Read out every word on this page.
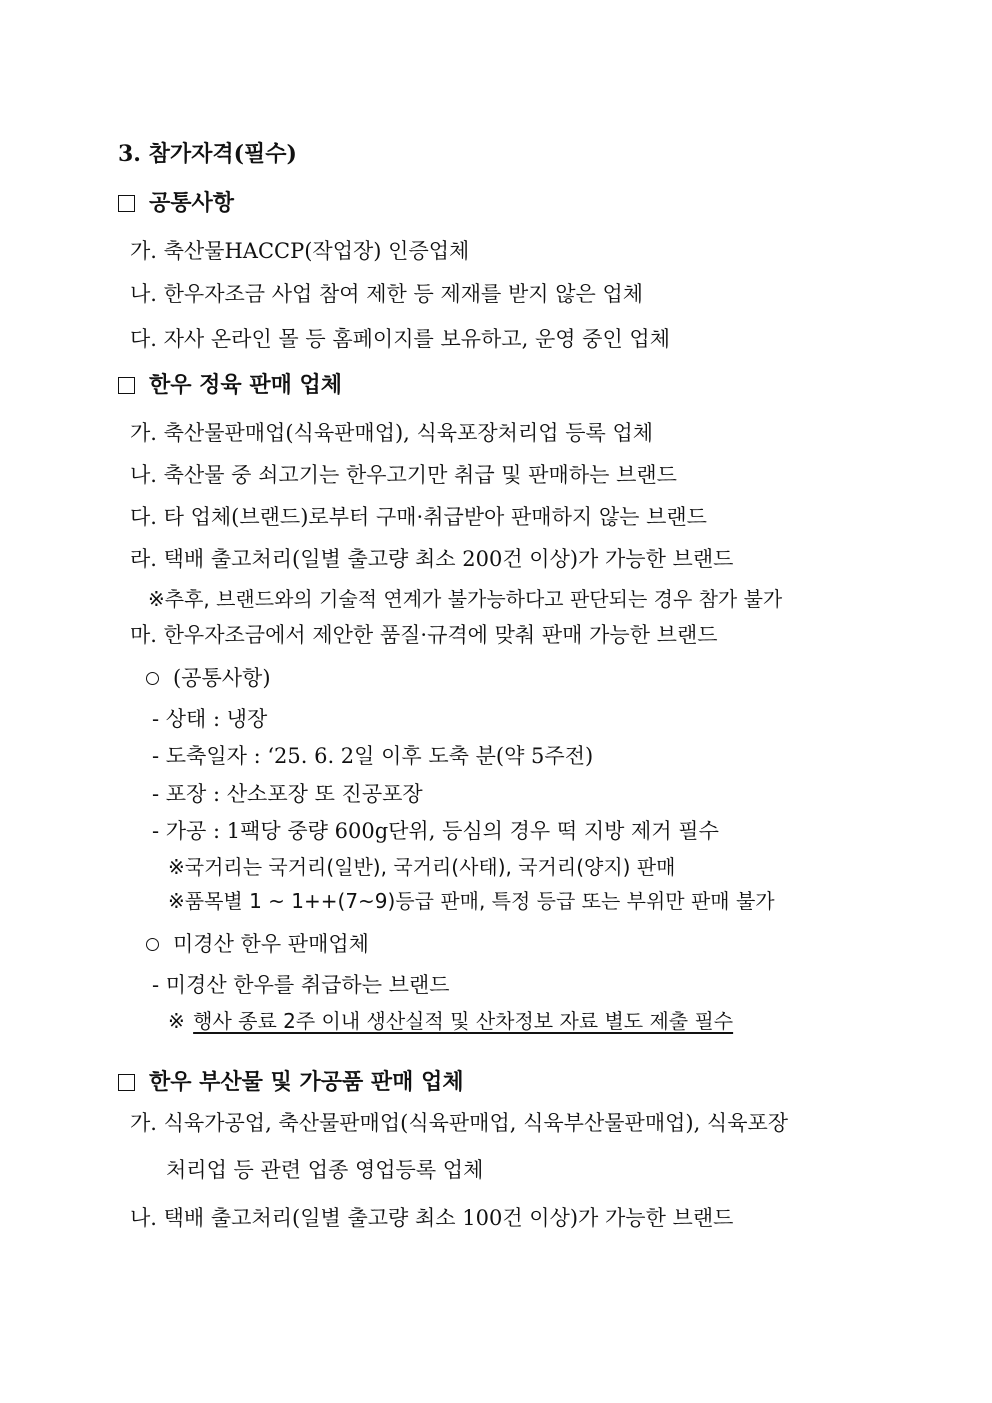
3. 참가자격(필수)
공통사항
가. 축산물HACCP(작업장) 인증업체
나. 한우자조금 사업 참여 제한 등 제재를 받지 않은 업체
다. 자사 온라인 몰 등 홈페이지를 보유하고, 운영 중인 업체
한우 정육 판매 업체
가. 축산물판매업(식육판매업), 식육포장처리업 등록 업체
나. 축산물 중 쇠고기는 한우고기만 취급 및 판매하는 브랜드
다. 타 업체(브랜드)로부터 구매·취급받아 판매하지 않는 브랜드
라. 택배 출고처리(일별 출고량 최소 200건 이상)가 가능한 브랜드
※추후, 브랜드와의 기술적 연계가 불가능하다고 판단되는 경우 참가 불가
마. 한우자조금에서 제안한 품질·규격에 맞춰 판매 가능한 브랜드
(공통사항)
- 상태 : 냉장
- 도축일자 : ‘25. 6. 2일 이후 도축 분(약 5주전)
- 포장 : 산소포장 또 진공포장
- 가공 : 1팩당 중량 600g단위, 등심의 경우 떡 지방 제거 필수
※국거리는 국거리(일반), 국거리(사태), 국거리(양지) 판매
※품목별 1 ~ 1++(7~9)등급 판매, 특정 등급 또는 부위만 판매 불가
미경산 한우 판매업체
- 미경산 한우를 취급하는 브랜드
※ 행사 종료 2주 이내 생산실적 및 산차정보 자료 별도 제출 필수
한우 부산물 및 가공품 판매 업체
가. 식육가공업, 축산물판매업(식육판매업, 식육부산물판매업), 식육포장
처리업 등 관련 업종 영업등록 업체
나. 택배 출고처리(일별 출고량 최소 100건 이상)가 가능한 브랜드
